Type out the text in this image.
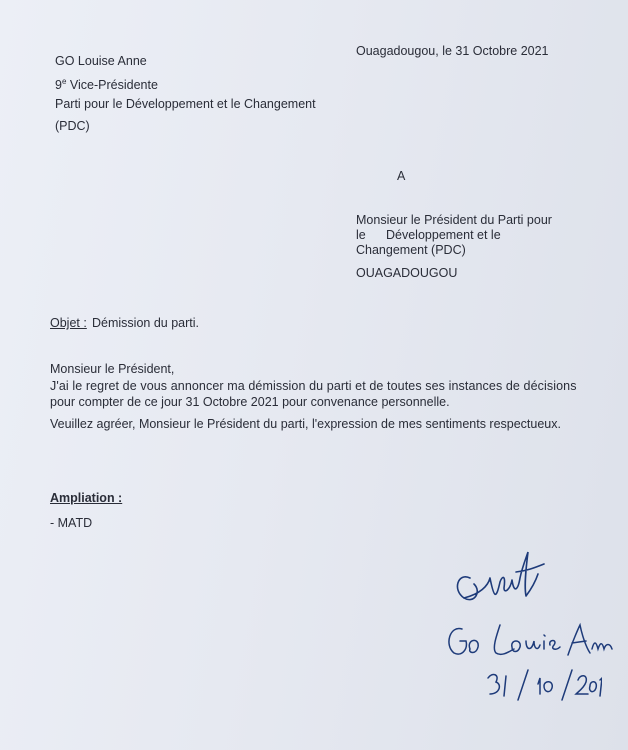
GO Louise Anne
9e Vice-Présidente
Parti pour le Développement et le Changement
(PDC)
Ouagadougou, le 31 Octobre 2021
A
Monsieur le Président du Parti pour
le Développement et le
Changement (PDC)
OUAGADOUGOU
Objet : Démission du parti.
Monsieur le Président,
J'ai le regret de vous annoncer ma démission du parti et de toutes ses instances de décisions
pour compter de ce jour 31 Octobre 2021 pour convenance personnelle.
Veuillez agréer, Monsieur le Président du parti, l'expression de mes sentiments respectueux.
Ampliation :
- MATD
